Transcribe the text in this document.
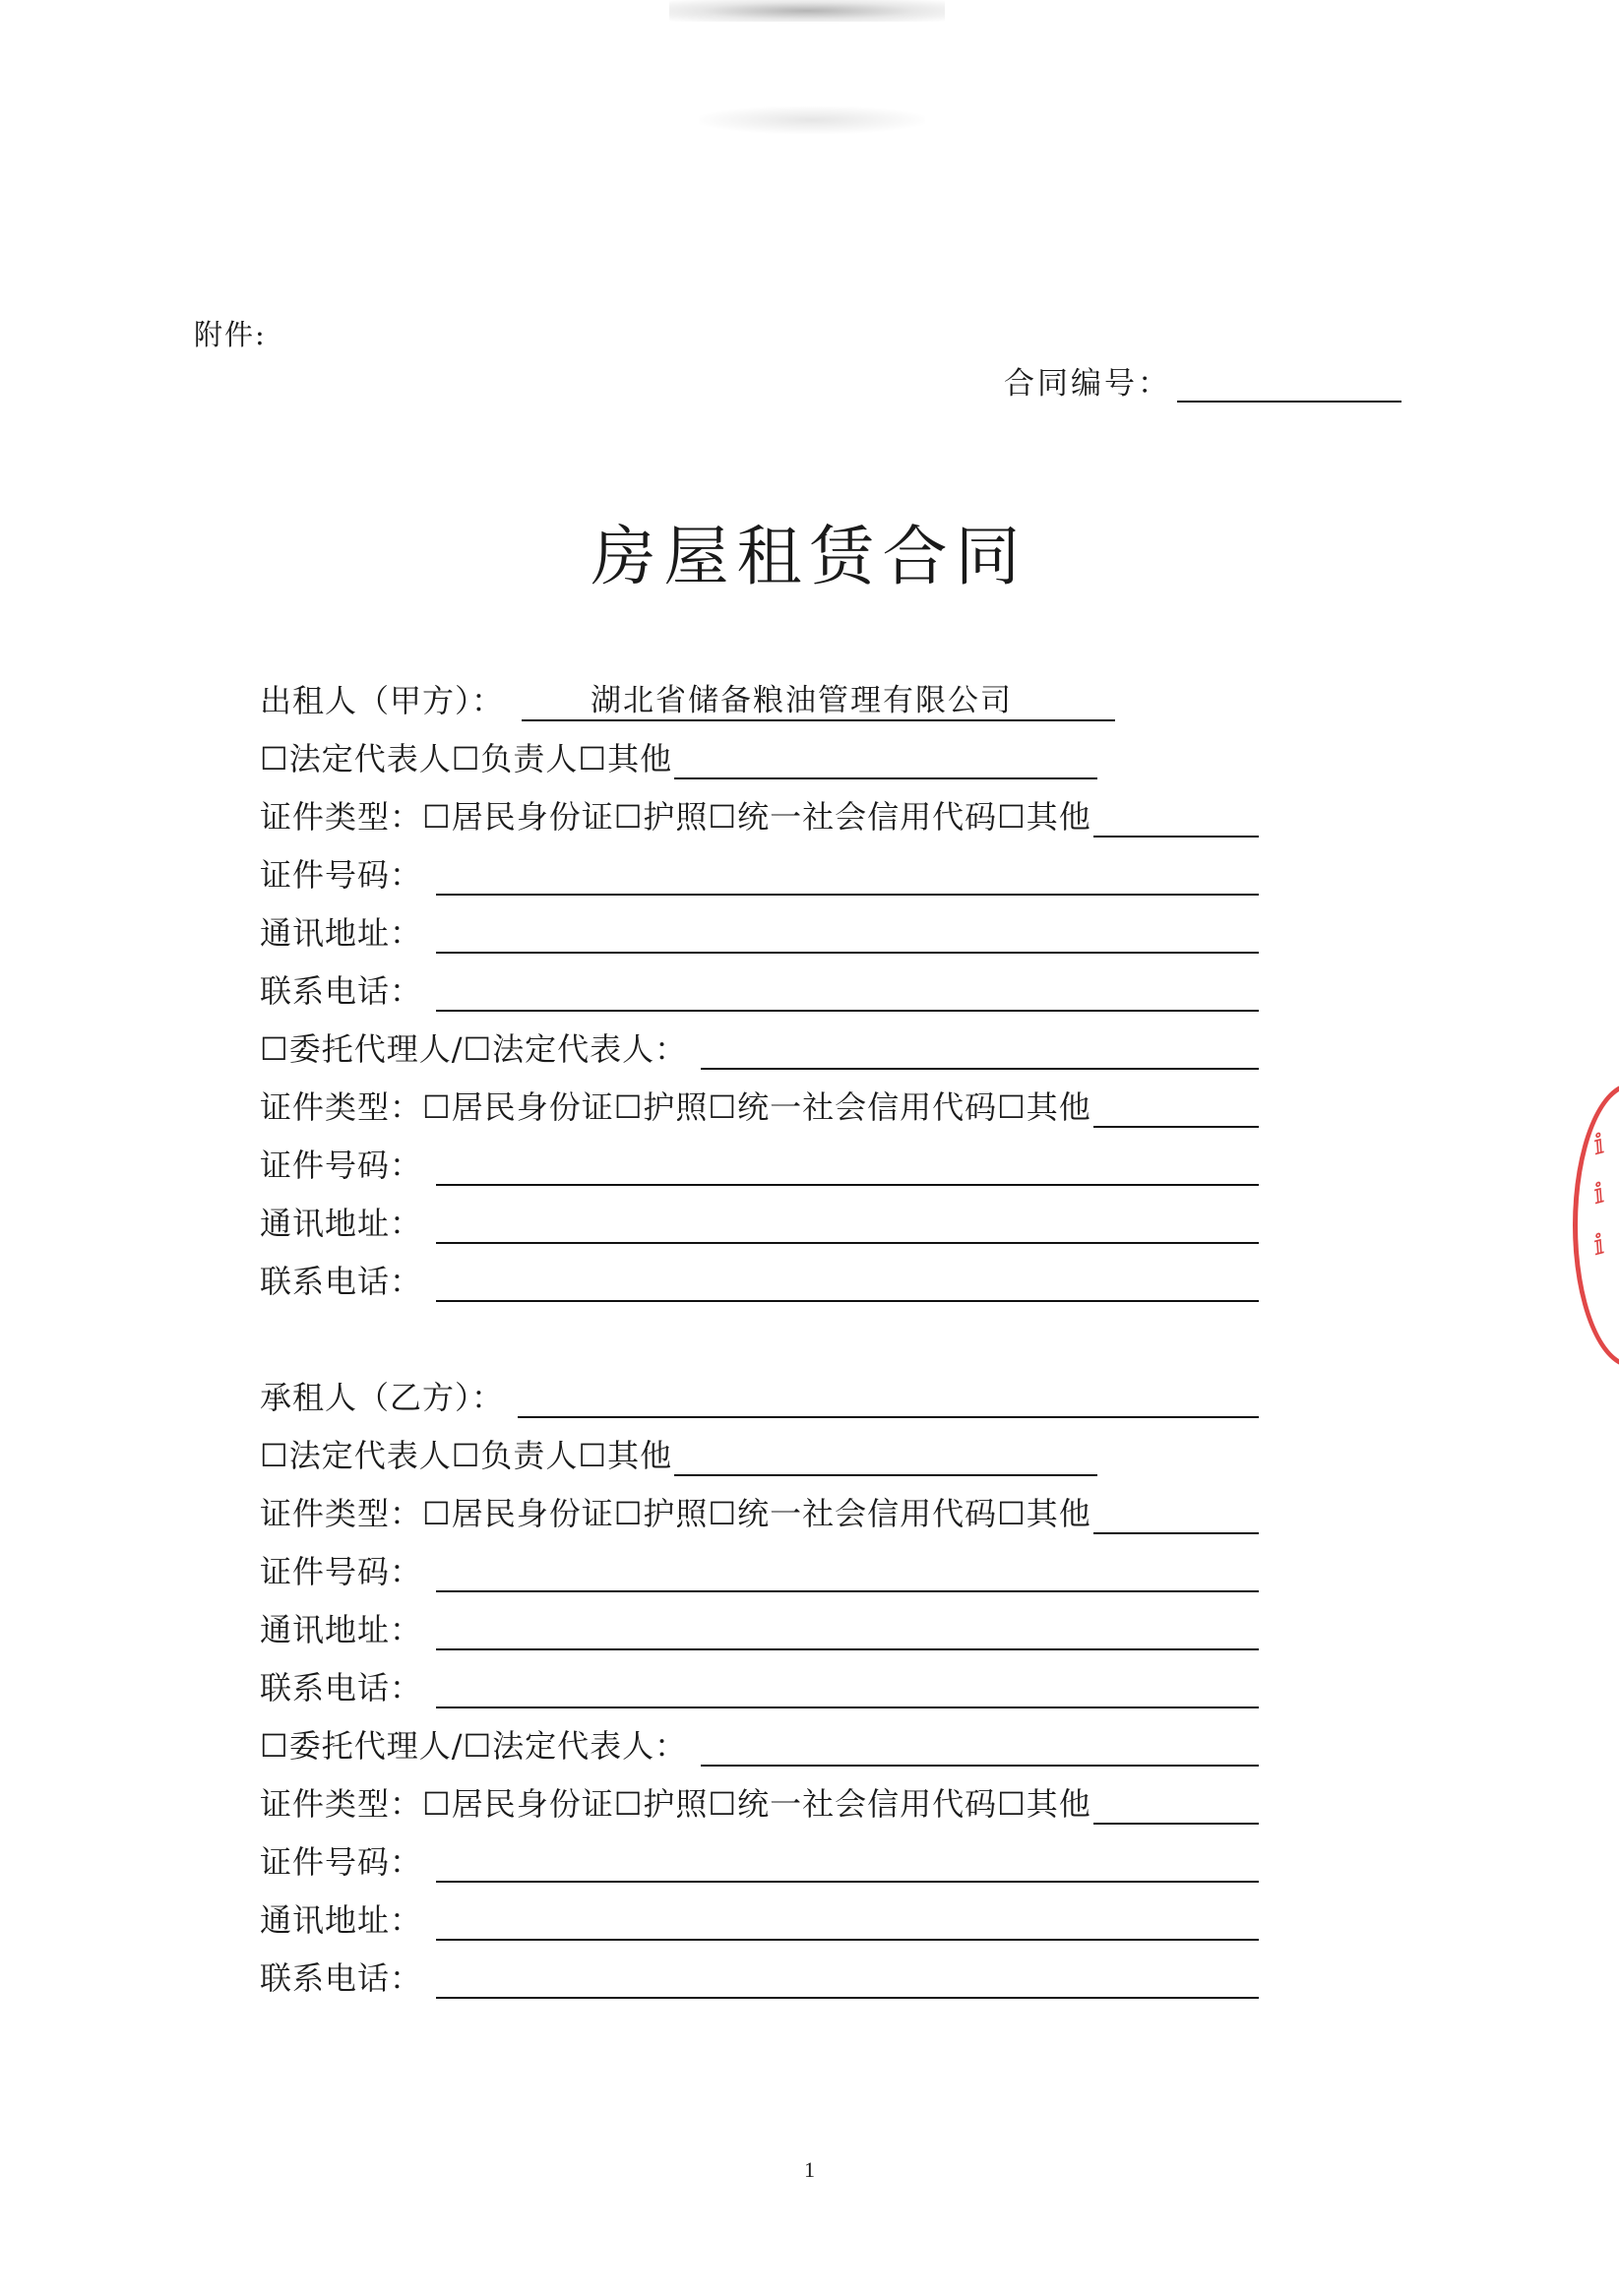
附件:
合同编号：
房屋租赁合同
出租人（甲方）：	湖北省储备粮油管理有限公司
☐法定代表人☐负责人☐其他
证件类型：☐居民身份证☐护照☐统一社会信用代码☐其他
证件号码：
通讯地址：
联系电话：
☐委托代理人/☐法定代表人：
证件类型：☐居民身份证☐护照☐统一社会信用代码☐其他
证件号码：
通讯地址：
联系电话：
承租人（乙方）：
☐法定代表人☐负责人☐其他
证件类型：☐居民身份证☐护照☐统一社会信用代码☐其他
证件号码：
通讯地址：
联系电话：
☐委托代理人/☐法定代表人：
证件类型：☐居民身份证☐护照☐统一社会信用代码☐其他
证件号码：
通讯地址：
联系电话：
ⅈ
ⅈ
ⅈ
1
